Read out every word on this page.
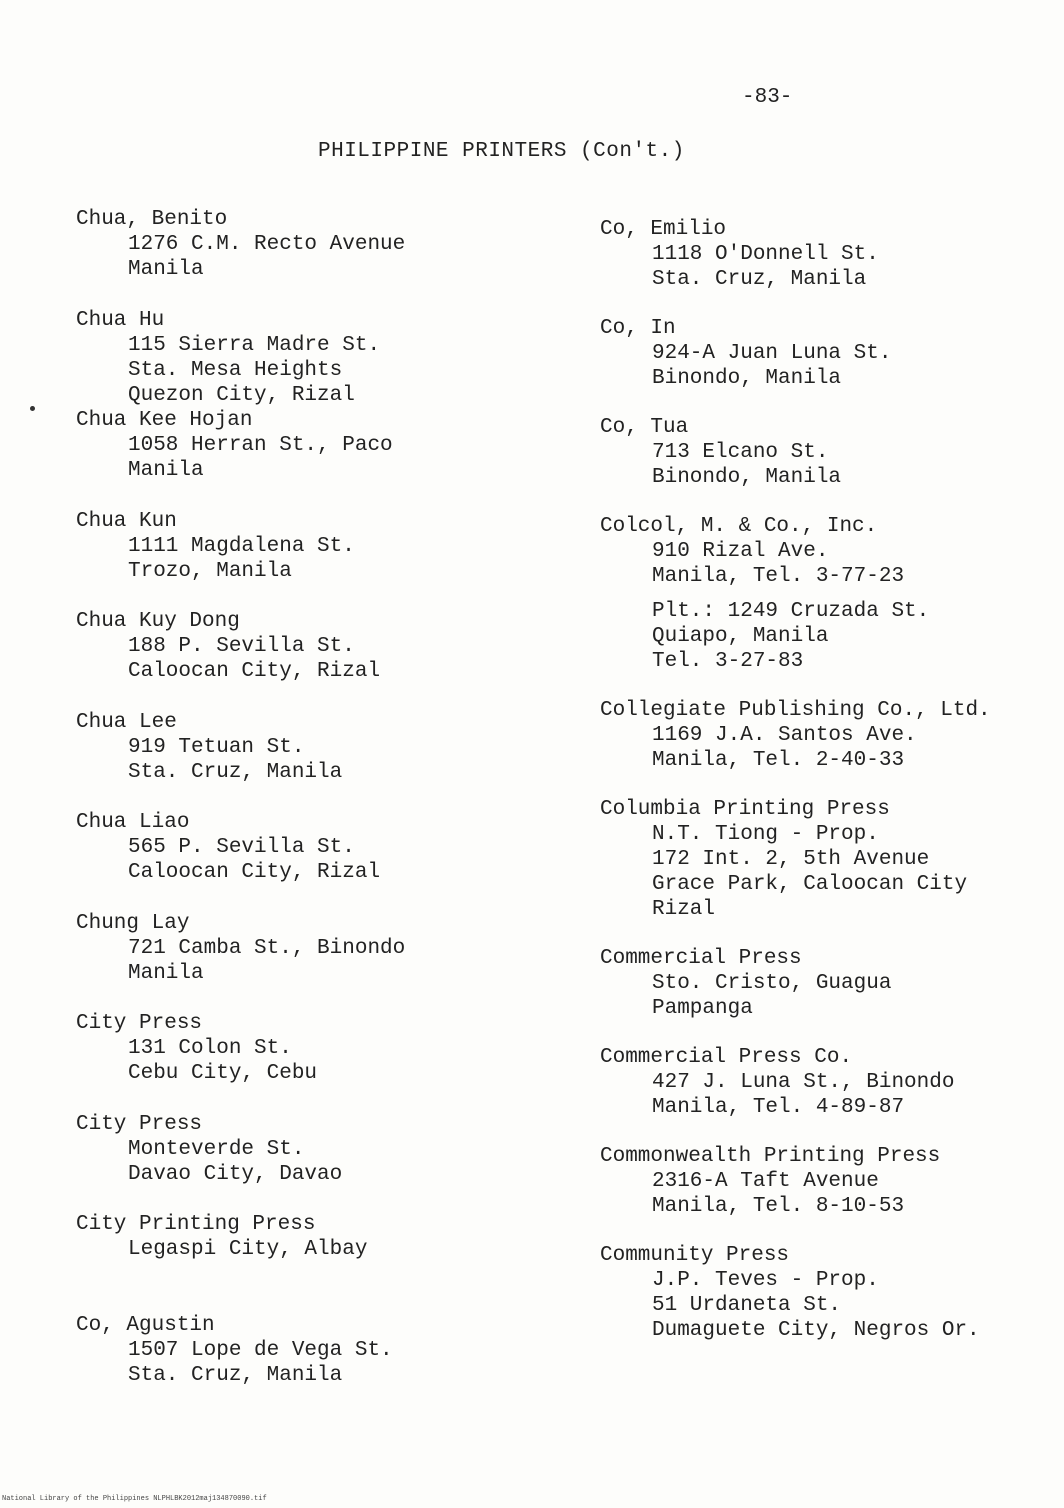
-83-
PHILIPPINE PRINTERS (Con't.)
Chua, Benito
1276 C.M. Recto Avenue
Manila
Chua Hu
115 Sierra Madre St.
Sta. Mesa Heights
Quezon City, Rizal
Chua Kee Hojan
1058 Herran St., Paco
Manila
Chua Kun
1111 Magdalena St.
Trozo, Manila
Chua Kuy Dong
188 P. Sevilla St.
Caloocan City, Rizal
Chua Lee
919 Tetuan St.
Sta. Cruz, Manila
Chua Liao
565 P. Sevilla St.
Caloocan City, Rizal
Chung Lay
721 Camba St., Binondo
Manila
City Press
131 Colon St.
Cebu City, Cebu
City Press
Monteverde St.
Davao City, Davao
City Printing Press
Legaspi City, Albay
Co, Agustin
1507 Lope de Vega St.
Sta. Cruz, Manila
Co, Emilio
1118 O'Donnell St.
Sta. Cruz, Manila
Co, In
924-A Juan Luna St.
Binondo, Manila
Co, Tua
713 Elcano St.
Binondo, Manila
Colcol, M. & Co., Inc.
910 Rizal Ave.
Manila, Tel. 3-77-23
Plt.: 1249 Cruzada St.
Quiapo, Manila
Tel. 3-27-83
Collegiate Publishing Co., Ltd.
1169 J.A. Santos Ave.
Manila, Tel. 2-40-33
Columbia Printing Press
N.T. Tiong - Prop.
172 Int. 2, 5th Avenue
Grace Park, Caloocan City
Rizal
Commercial Press
Sto. Cristo, Guagua
Pampanga
Commercial Press Co.
427 J. Luna St., Binondo
Manila, Tel. 4-89-87
Commonwealth Printing Press
2316-A Taft Avenue
Manila, Tel. 8-10-53
Community Press
J.P. Teves - Prop.
51 Urdaneta St.
Dumaguete City, Negros Or.
National Library of the Philippines NLPHLBK2012maj134870090.tif
